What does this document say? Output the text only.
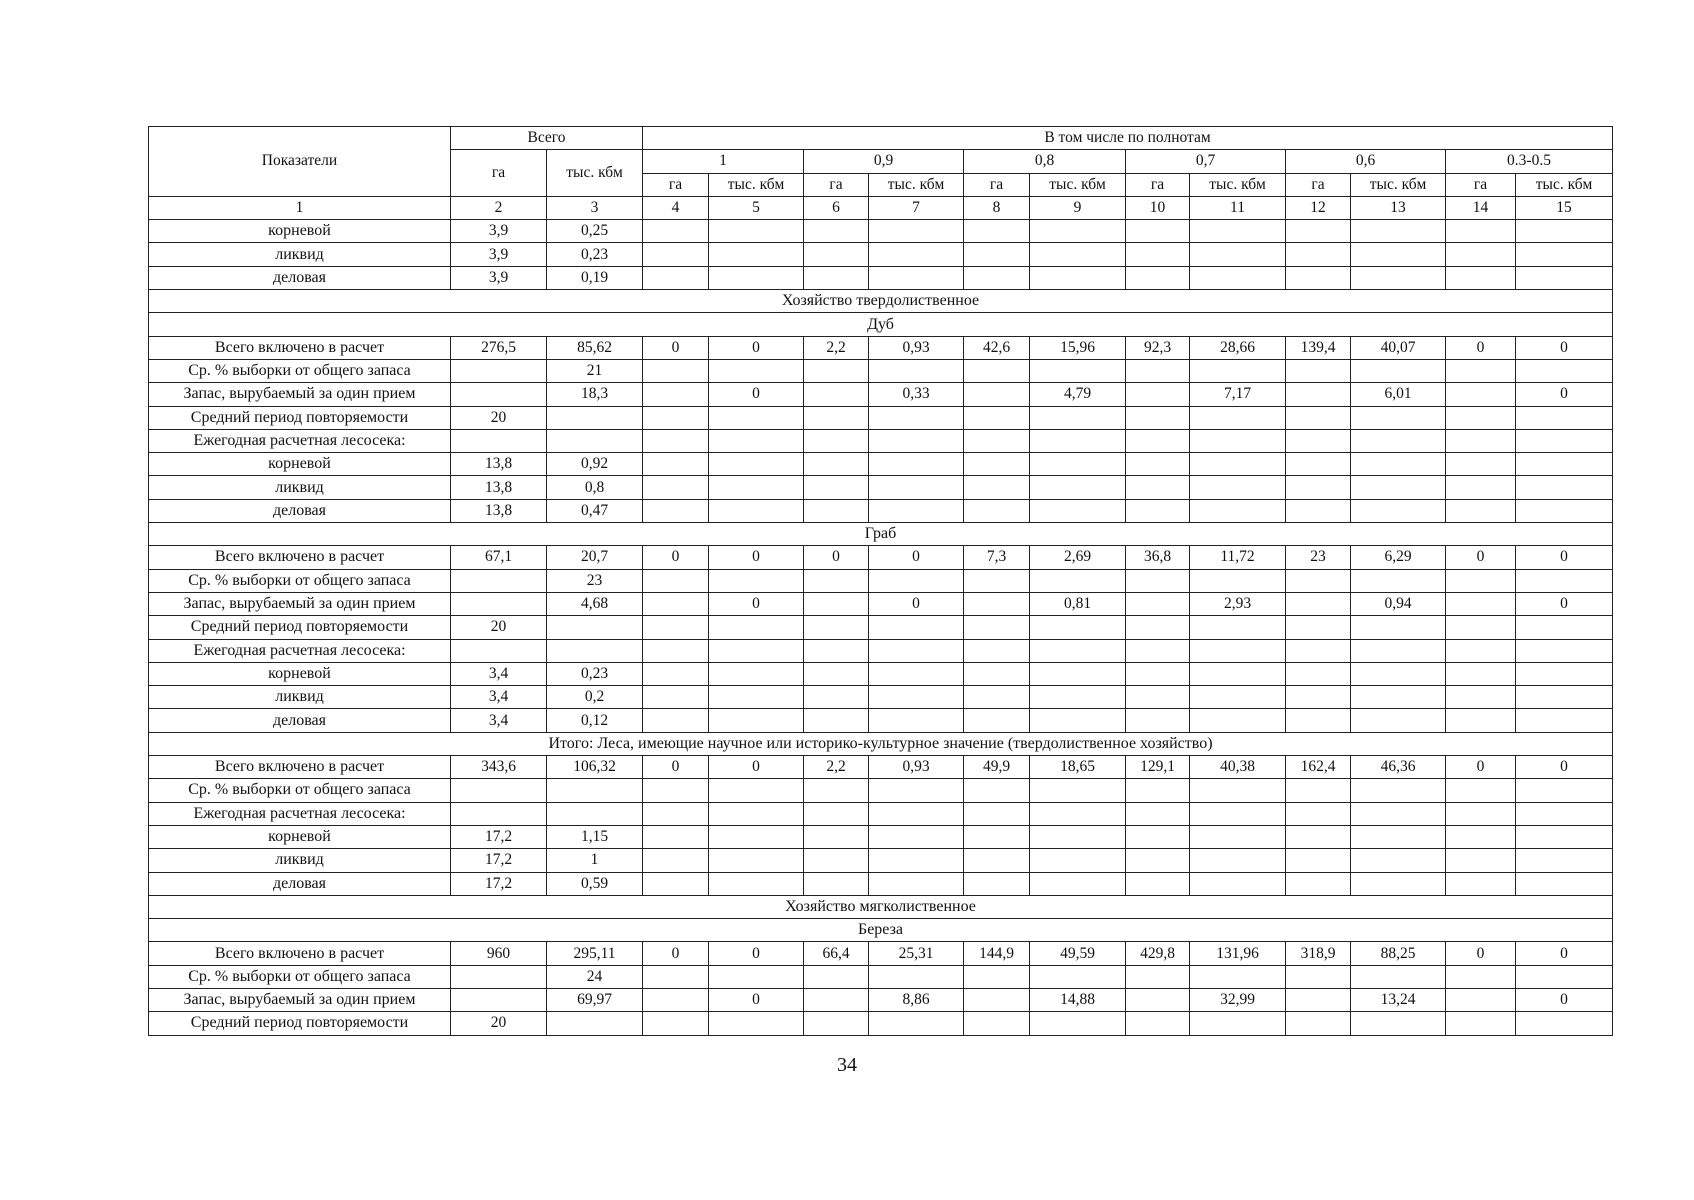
Показатели	Всего		В том числе по полнотам											
	га	тыс. кбм	1		0,9		0,8		0,7		0,6		0.3-0.5	
			га	тыс. кбм	га	тыс. кбм	га	тыс. кбм	га	тыс. кбм	га	тыс. кбм	га	тыс. кбм
1	2	3	4	5	6	7	8	9	10	11	12	13	14	15
корневой	3,9	0,25												
ликвид	3,9	0,23												
деловая	3,9	0,19												
Хозяйство твердолиственное														
Дуб														
Всего включено в расчет	276,5	85,62	0	0	2,2	0,93	42,6	15,96	92,3	28,66	139,4	40,07	0	0
Ср. % выборки от общего запаса		21												
Запас, вырубаемый за один прием		18,3		0		0,33		4,79		7,17		6,01		0
Средний период повторяемости	20													
Ежегодная расчетная лесосека:														
корневой	13,8	0,92												
ликвид	13,8	0,8												
деловая	13,8	0,47												
Граб														
Всего включено в расчет	67,1	20,7	0	0	0	0	7,3	2,69	36,8	11,72	23	6,29	0	0
Ср. % выборки от общего запаса		23												
Запас, вырубаемый за один прием		4,68		0		0		0,81		2,93		0,94		0
Средний период повторяемости	20													
Ежегодная расчетная лесосека:														
корневой	3,4	0,23												
ликвид	3,4	0,2												
деловая	3,4	0,12												
Итого: Леса, имеющие научное или историко-культурное значение (твердолиственное хозяйство)														
Всего включено в расчет	343,6	106,32	0	0	2,2	0,93	49,9	18,65	129,1	40,38	162,4	46,36	0	0
Ср. % выборки от общего запаса														
Ежегодная расчетная лесосека:														
корневой	17,2	1,15												
ликвид	17,2	1												
деловая	17,2	0,59												
Хозяйство мягколиственное														
Береза														
Всего включено в расчет	960	295,11	0	0	66,4	25,31	144,9	49,59	429,8	131,96	318,9	88,25	0	0
Ср. % выборки от общего запаса		24												
Запас, вырубаемый за один прием		69,97		0		8,86		14,88		32,99		13,24		0
Средний период повторяемости	20													
34
